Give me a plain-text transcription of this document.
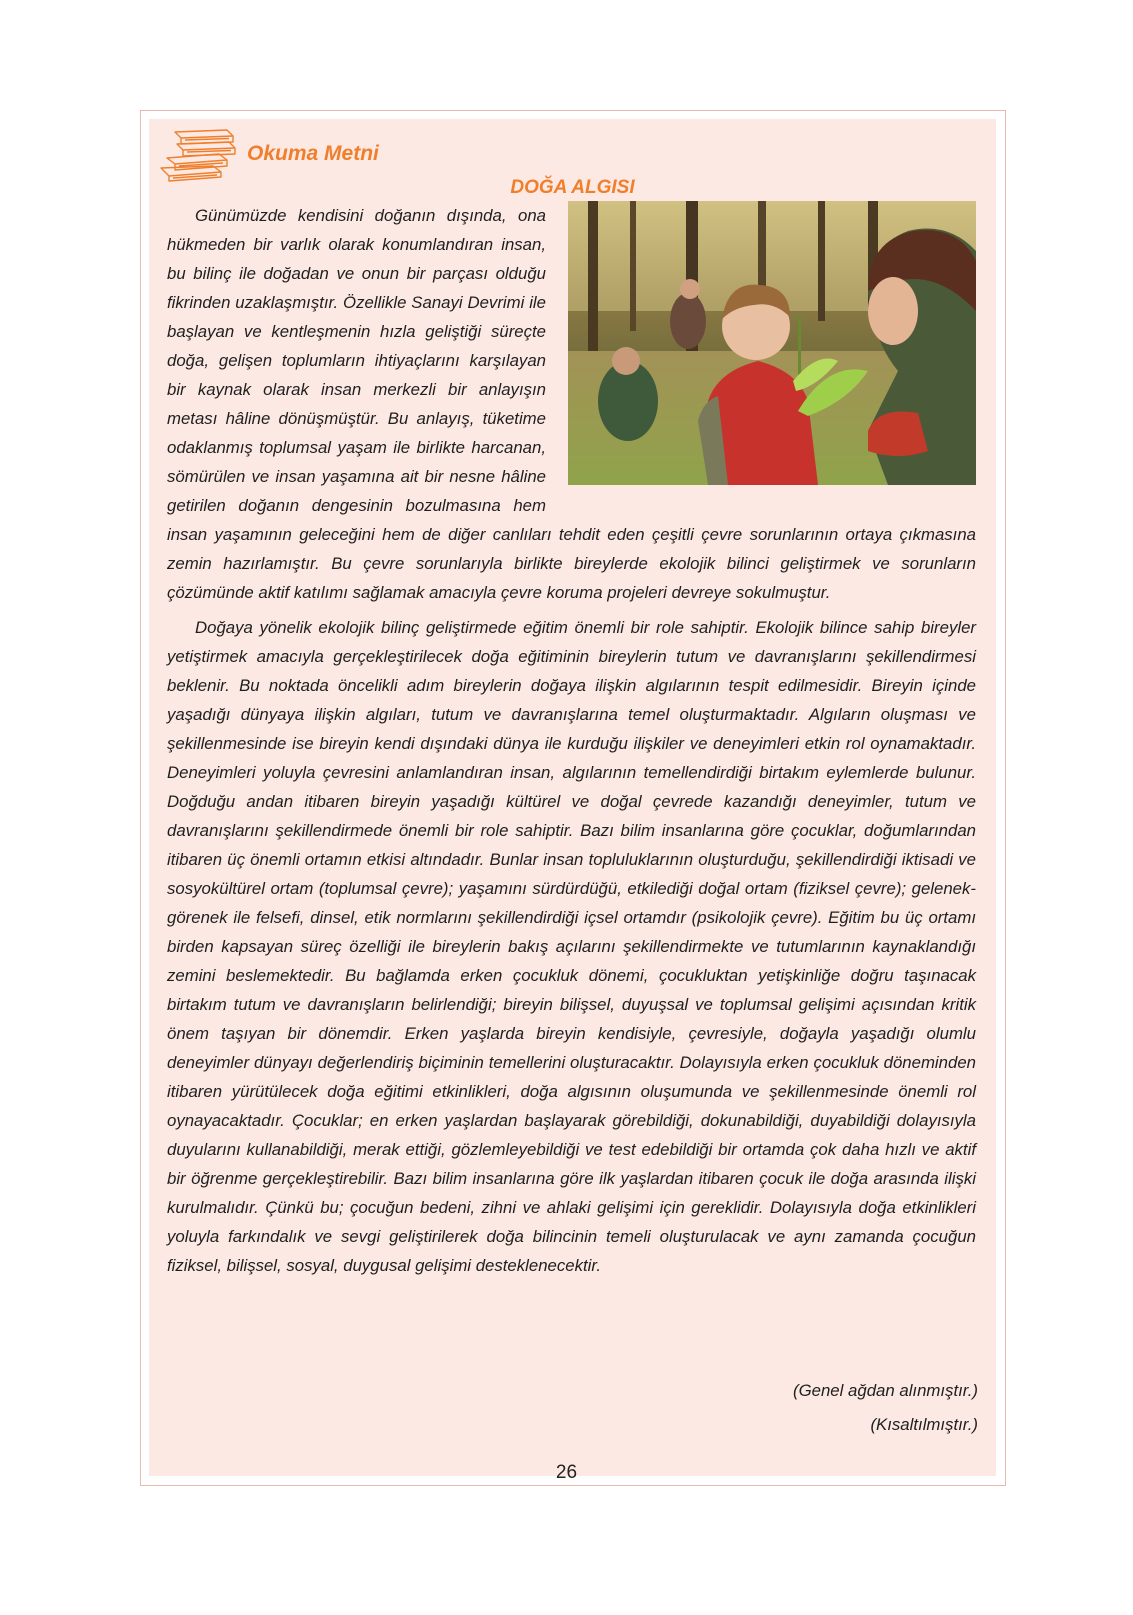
Okuma Metni
DOĞA ALGISI

Günümüzde kendisini doğanın dışında, ona hükmeden bir varlık olarak konumlandıran insan, bu bilinç ile doğadan ve onun bir parçası olduğu fikrinden uzaklaşmıştır. Özellikle Sanayi Devrimi ile başlayan ve kentleşmenin hızla geliştiği süreçte doğa, gelişen toplumların ihtiyaçlarını karşılayan bir kaynak olarak insan merkezli bir anlayışın metası hâline dönüşmüştür. Bu anlayış, tüketime odaklanmış toplumsal yaşam ile birlikte harcanan, sömürülen ve insan yaşamına ait bir nesne hâline getirilen doğanın dengesinin bozulmasına hem insan yaşamının geleceğini hem de diğer canlıları tehdit eden çeşitli çevre sorunlarının ortaya çıkmasına zemin hazırlamıştır. Bu çevre sorunlarıyla birlikte bireylerde ekolojik bilinci geliştirmek ve sorunların çözümünde aktif katılımı sağlamak amacıyla çevre koruma projeleri devreye sokulmuştur.

Doğaya yönelik ekolojik bilinç geliştirmede eğitim önemli bir role sahiptir. Ekolojik bilince sahip bireyler yetiştirmek amacıyla gerçekleştirilecek doğa eğitiminin bireylerin tutum ve davranışlarını şekillendirmesi beklenir. Bu noktada öncelikli adım bireylerin doğaya ilişkin algılarının tespit edilmesidir. Bireyin içinde yaşadığı dünyaya ilişkin algıları, tutum ve davranışlarına temel oluşturmaktadır. Algıların oluşması ve şekillenmesinde ise bireyin kendi dışındaki dünya ile kurduğu ilişkiler ve deneyimleri etkin rol oynamaktadır. Deneyimleri yoluyla çevresini anlamlandıran insan, algılarının temellendirdiği birtakım eylemlerde bulunur. Doğduğu andan itibaren bireyin yaşadığı kültürel ve doğal çevrede kazandığı deneyimler, tutum ve davranışlarını şekillendirmede önemli bir role sahiptir. Bazı bilim insanlarına göre çocuklar, doğumlarından itibaren üç önemli ortamın etkisi altındadır. Bunlar insan topluluklarının oluşturduğu, şekillendirdiği iktisadi ve sosyokültürel ortam (toplumsal çevre); yaşamını sürdürdüğü, etkilediği doğal ortam (fiziksel çevre); gelenek-görenek ile felsefi, dinsel, etik normlarını şekillendirdiği içsel ortamdır (psikolojik çevre). Eğitim bu üç ortamı birden kapsayan süreç özelliği ile bireylerin bakış açılarını şekillendirmekte ve tutumlarının kaynaklandığı zemini beslemektedir. Bu bağlamda erken çocukluk dönemi, çocukluktan yetişkinliğe doğru taşınacak birtakım tutum ve davranışların belirlendiği; bireyin bilişsel, duyuşsal ve toplumsal gelişimi açısından kritik önem taşıyan bir dönemdir. Erken yaşlarda bireyin kendisiyle, çevresiyle, doğayla yaşadığı olumlu deneyimler dünyayı değerlendiriş biçiminin temellerini oluşturacaktır. Dolayısıyla erken çocukluk döneminden itibaren yürütülecek doğa eğitimi etkinlikleri, doğa algısının oluşumunda ve şekillenmesinde önemli rol oynayacaktadır. Çocuklar; en erken yaşlardan başlayarak görebildiği, dokunabildiği, duyabildiği dolayısıyla duyularını kullanabildiği, merak ettiği, gözlemleyebildiği ve test edebildiği bir ortamda çok daha hızlı ve aktif bir öğrenme gerçekleştirebilir. Bazı bilim insanlarına göre ilk yaşlardan itibaren çocuk ile doğa arasında ilişki kurulmalıdır. Çünkü bu; çocuğun bedeni, zihni ve ahlaki gelişimi için gereklidir. Dolayısıyla doğa etkinlikleri yoluyla farkındalık ve sevgi geliştirilerek doğa bilincinin temeli oluşturulacak ve aynı zamanda çocuğun fiziksel, bilişsel, sosyal, duygusal gelişimi desteklenecektir.

(Genel ağdan alınmıştır.)
(Kısaltılmıştır.)
26
